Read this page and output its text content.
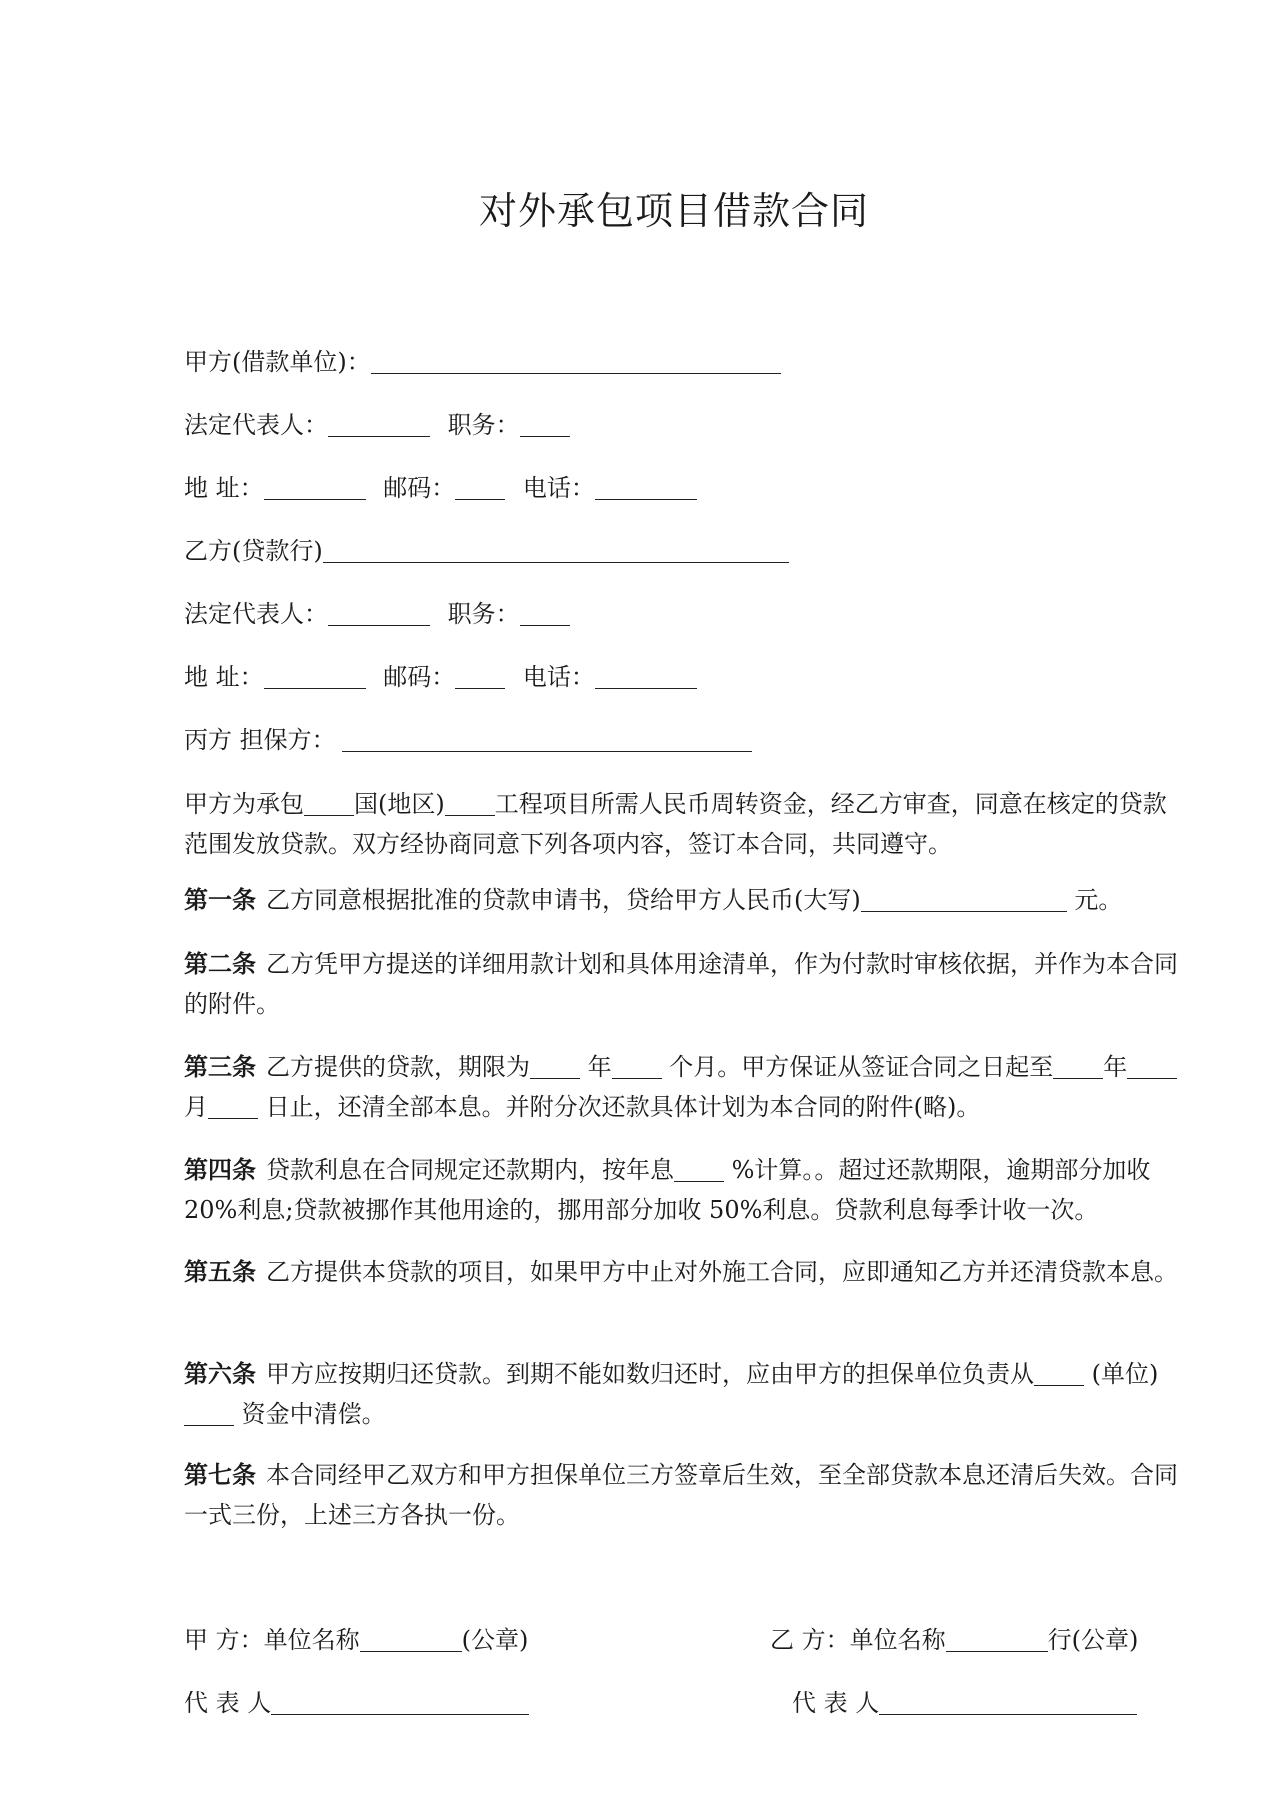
对外承包项目借款合同
甲方(借款单位)：
法定代表人：	职务：
地 址：	邮码：	电话：
乙方(贷款行)
法定代表人：	职务：
地 址：	邮码：	电话：
丙方 担保方：
甲方为承包 国(地区) 工程项目所需人民币周转资金，经乙方审查，同意在核定的贷款范围发放贷款。双方经协商同意下列各项内容，签订本合同，共同遵守。
第一条 乙方同意根据批准的贷款申请书，贷给甲方人民币(大写)	元。
第二条 乙方凭甲方提送的详细用款计划和具体用途清单，作为付款时审核依据，并作为本合同的附件。
第三条 乙方提供的贷款，期限为 年 个月。甲方保证从签证合同之日起至 年 月 日止，还清全部本息。并附分次还款具体计划为本合同的附件(略)。
第四条 贷款利息在合同规定还款期内，按年息 %计算。。超过还款期限，逾期部分加收 20%利息;贷款被挪作其他用途的，挪用部分加收 50%利息。贷款利息每季计收一次。
第五条 乙方提供本贷款的项目，如果甲方中止对外施工合同，应即通知乙方并还清贷款本息。
第六条 甲方应按期归还贷款。到期不能如数归还时，应由甲方的担保单位负责从 (单位) 资金中清偿。
第七条 本合同经甲乙双方和甲方担保单位三方签章后生效，至全部贷款本息还清后失效。合同一式三份，上述三方各执一份。
甲 方：单位名称	(公章)	乙 方：单位名称	行(公章)
代 表 人	代 表 人
